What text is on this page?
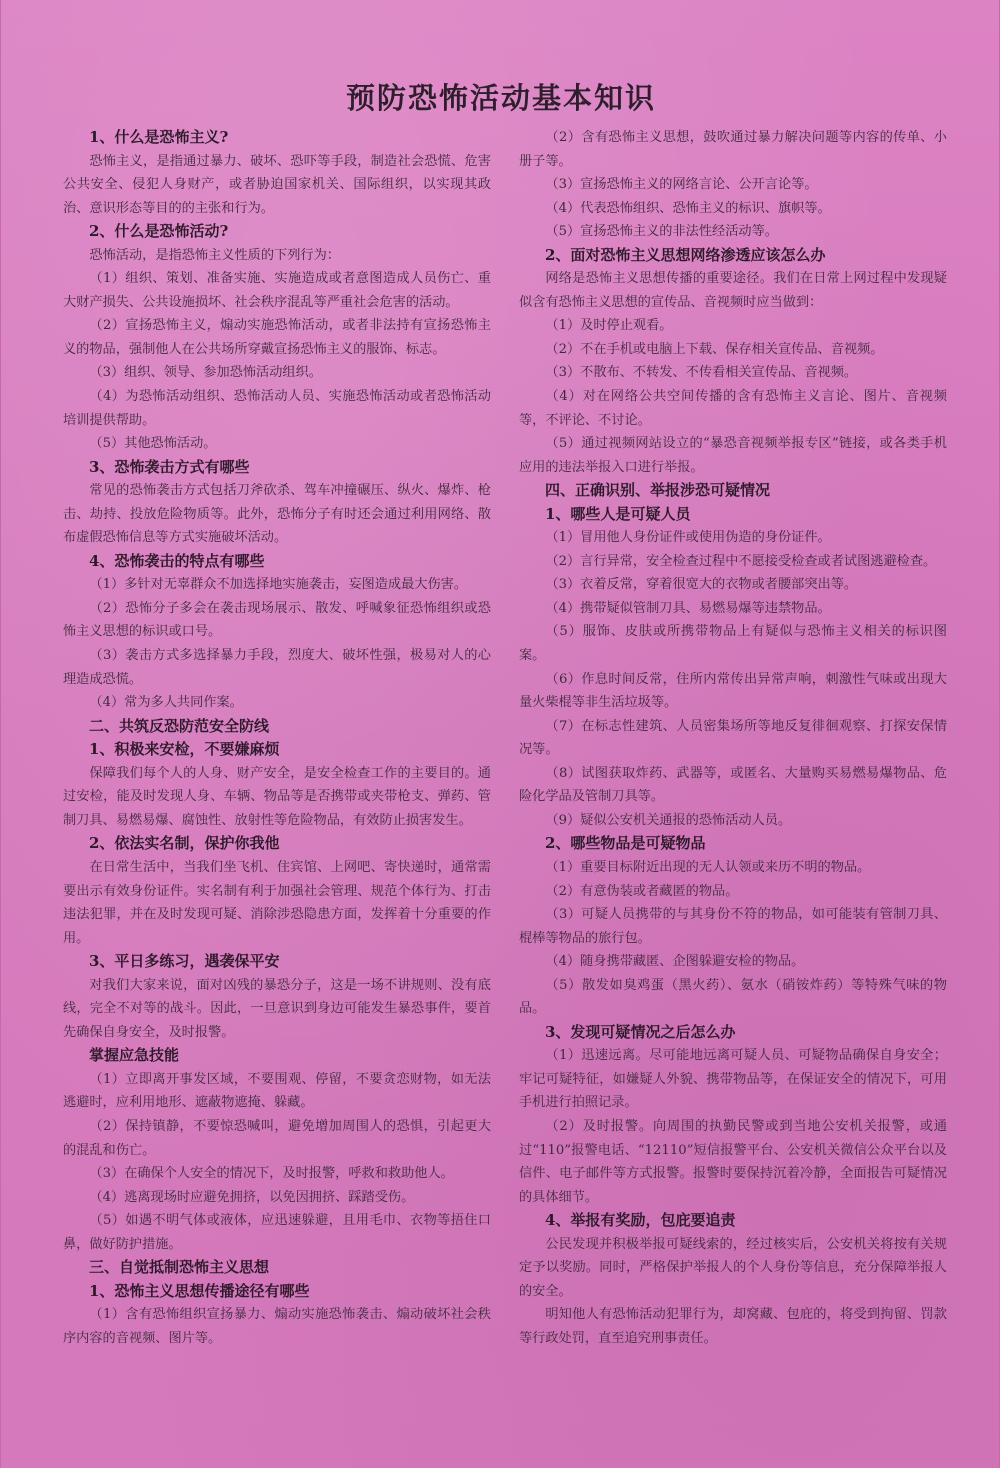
预防恐怖活动基本知识
1、什么是恐怖主义?

恐怖主义，是指通过暴力、破坏、恐吓等手段，制造社会恐慌、危害公共安全、侵犯人身财产，或者胁迫国家机关、国际组织，以实现其政治、意识形态等目的的主张和行为。

2、什么是恐怖活动?

恐怖活动，是指恐怖主义性质的下列行为：

（1）组织、策划、准备实施、实施造成或者意图造成人员伤亡、重大财产损失、公共设施损坏、社会秩序混乱等严重社会危害的活动。

（2）宣扬恐怖主义，煽动实施恐怖活动，或者非法持有宣扬恐怖主义的物品，强制他人在公共场所穿戴宣扬恐怖主义的服饰、标志。

（3）组织、领导、参加恐怖活动组织。

（4）为恐怖活动组织、恐怖活动人员、实施恐怖活动或者恐怖活动培训提供帮助。

（5）其他恐怖活动。

3、恐怖袭击方式有哪些

常见的恐怖袭击方式包括刀斧砍杀、驾车冲撞碾压、纵火、爆炸、枪击、劫持、投放危险物质等。此外，恐怖分子有时还会通过利用网络、散布虚假恐怖信息等方式实施破坏活动。

4、恐怖袭击的特点有哪些

（1）多针对无辜群众不加选择地实施袭击，妄图造成最大伤害。

（2）恐怖分子多会在袭击现场展示、散发、呼喊象征恐怖组织或恐怖主义思想的标识或口号。

（3）袭击方式多选择暴力手段，烈度大、破坏性强，极易对人的心理造成恐慌。

（4）常为多人共同作案。

二、共筑反恐防范安全防线
1、积极来安检，不要嫌麻烦

保障我们每个人的人身、财产安全，是安全检查工作的主要目的。通过安检，能及时发现人身、车辆、物品等是否携带或夹带枪支、弹药、管制刀具、易燃易爆、腐蚀性、放射性等危险物品，有效防止损害发生。

2、依法实名制，保护你我他

在日常生活中，当我们坐飞机、住宾馆、上网吧、寄快递时，通常需要出示有效身份证件。实名制有利于加强社会管理、规范个体行为、打击违法犯罪，并在及时发现可疑、消除涉恐隐患方面，发挥着十分重要的作用。

3、平日多练习，遇袭保平安

对我们大家来说，面对凶残的暴恐分子，这是一场不讲规则、没有底线，完全不对等的战斗。因此，一旦意识到身边可能发生暴恐事件，要首先确保自身安全，及时报警。

掌握应急技能

（1）立即离开事发区域，不要围观、停留，不要贪恋财物，如无法逃避时，应利用地形、遮蔽物遮掩、躲藏。

（2）保持镇静，不要惊恐喊叫，避免增加周围人的恐惧，引起更大的混乱和伤亡。

（3）在确保个人安全的情况下，及时报警，呼救和救助他人。

（4）逃离现场时应避免拥挤，以免因拥挤、踩踏受伤。

（5）如遇不明气体或液体，应迅速躲避，且用毛巾、衣物等捂住口鼻，做好防护措施。

三、自觉抵制恐怖主义思想
1、恐怖主义思想传播途径有哪些

（1）含有恐怖组织宣扬暴力、煽动实施恐怖袭击、煽动破坏社会秩序内容的音视频、图片等。

（2）含有恐怖主义思想，鼓吹通过暴力解决问题等内容的传单、小册子等。

（3）宣扬恐怖主义的网络言论、公开言论等。

（4）代表恐怖组织、恐怖主义的标识、旗帜等。

（5）宣扬恐怖主义的非法性经活动等。

2、面对恐怖主义思想网络渗透应该怎么办

网络是恐怖主义思想传播的重要途径。我们在日常上网过程中发现疑似含有恐怖主义思想的宣传品、音视频时应当做到：

（1）及时停止观看。

（2）不在手机或电脑上下载、保存相关宣传品、音视频。

（3）不散布、不转发、不传看相关宣传品、音视频。

（4）对在网络公共空间传播的含有恐怖主义言论、图片、音视频等，不评论、不讨论。

（5）通过视频网站设立的“暴恐音视频举报专区”链接，或各类手机应用的违法举报入口进行举报。

四、正确识别、举报涉恐可疑情况
1、哪些人是可疑人员

（1）冒用他人身份证件或使用伪造的身份证件。

（2）言行异常，安全检查过程中不愿接受检查或者试图逃避检查。

（3）衣着反常，穿着很宽大的衣物或者腰部突出等。

（4）携带疑似管制刀具、易燃易爆等违禁物品。

（5）服饰、皮肤或所携带物品上有疑似与恐怖主义相关的标识图案。

（6）作息时间反常，住所内常传出异常声响，刺激性气味或出现大量火柴棍等非生活垃圾等。

（7）在标志性建筑、人员密集场所等地反复徘徊观察、打探安保情况等。

（8）试图获取炸药、武器等，或匿名、大量购买易燃易爆物品、危险化学品及管制刀具等。

（9）疑似公安机关通报的恐怖活动人员。

2、哪些物品是可疑物品

（1）重要目标附近出现的无人认领或来历不明的物品。

（2）有意伪装或者藏匿的物品。

（3）可疑人员携带的与其身份不符的物品，如可能装有管制刀具、棍棒等物品的旅行包。

（4）随身携带藏匿、企图躲避安检的物品。

（5）散发如臭鸡蛋（黑火药）、氨水（硝铵炸药）等特殊气味的物品。

3、发现可疑情况之后怎么办

（1）迅速远离。尽可能地远离可疑人员、可疑物品确保自身安全；牢记可疑特征，如嫌疑人外貌、携带物品等，在保证安全的情况下，可用手机进行拍照记录。

（2）及时报警。向周围的执勤民警或到当地公安机关报警，或通过“110”报警电话、“12110”短信报警平台、公安机关微信公众平台以及信件、电子邮件等方式报警。报警时要保持沉着冷静，全面报告可疑情况的具体细节。

4、举报有奖励，包庇要追责

公民发现并积极举报可疑线索的，经过核实后，公安机关将按有关规定予以奖励。同时，严格保护举报人的个人身份等信息，充分保障举报人的安全。

明知他人有恐怖活动犯罪行为，却窝藏、包庇的，将受到拘留、罚款等行政处罚，直至追究刑事责任。
